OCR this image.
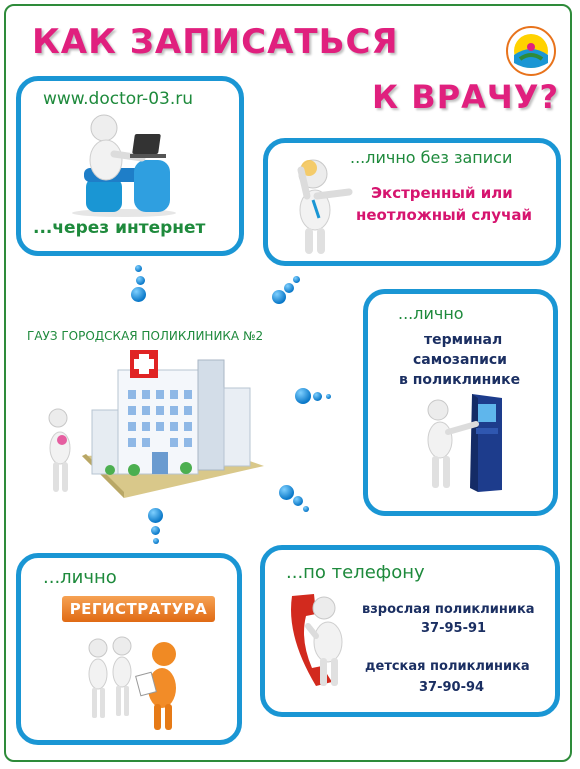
КАК ЗАПИСАТЬСЯ
К ВРАЧУ?
www.doctor-03.ru
...через интернет
...лично без записи
Экстренный или
неотложный случай
ГАУЗ ГОРОДСКАЯ ПОЛИКЛИНИКА №2
...лично
терминал
самозаписи
в поликлинике
...лично
РЕГИСТРАТУРА
...по телефону
взрослая поликлиника
37-95-91
детская поликлиника
37-90-94
